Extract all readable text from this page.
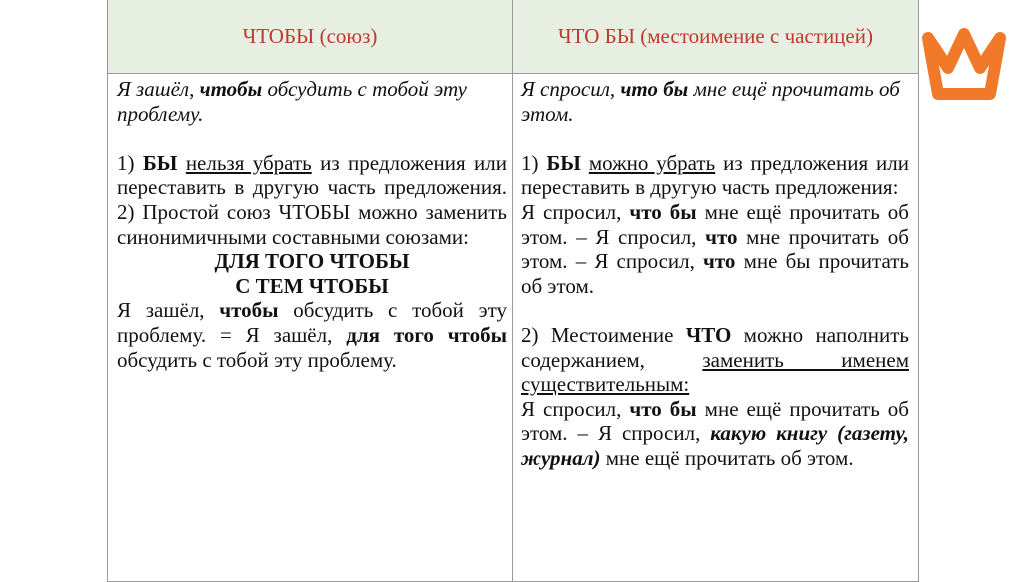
ЧТОБЫ (союз)	ЧТО БЫ (местоимение с частицей)

Я зашёл, чтобы обсудить с тобой эту проблему.

1) БЫ нельзя убрать из предложения или переставить в другую часть предложения.

2) Простой союз ЧТОБЫ можно заменить синонимичными составными союзами:

ДЛЯ ТОГО ЧТОБЫ

С ТЕМ ЧТОБЫ

Я зашёл, чтобы обсудить с тобой эту проблему. = Я зашёл, для того чтобы обсудить с тобой эту проблему.

Я спросил, что бы мне ещё прочитать об этом.

1) БЫ можно убрать из предложения или переставить в другую часть предложения:

Я спросил, что бы мне ещё прочитать об этом. – Я спросил, что мне прочитать об этом. – Я спросил, что мне бы прочитать об этом.

2) Местоимение ЧТО можно наполнить содержанием, заменить именем существительным:

Я спросил, что бы мне ещё прочитать об этом. – Я спросил, какую книгу (газету, журнал) мне ещё прочитать об этом.
